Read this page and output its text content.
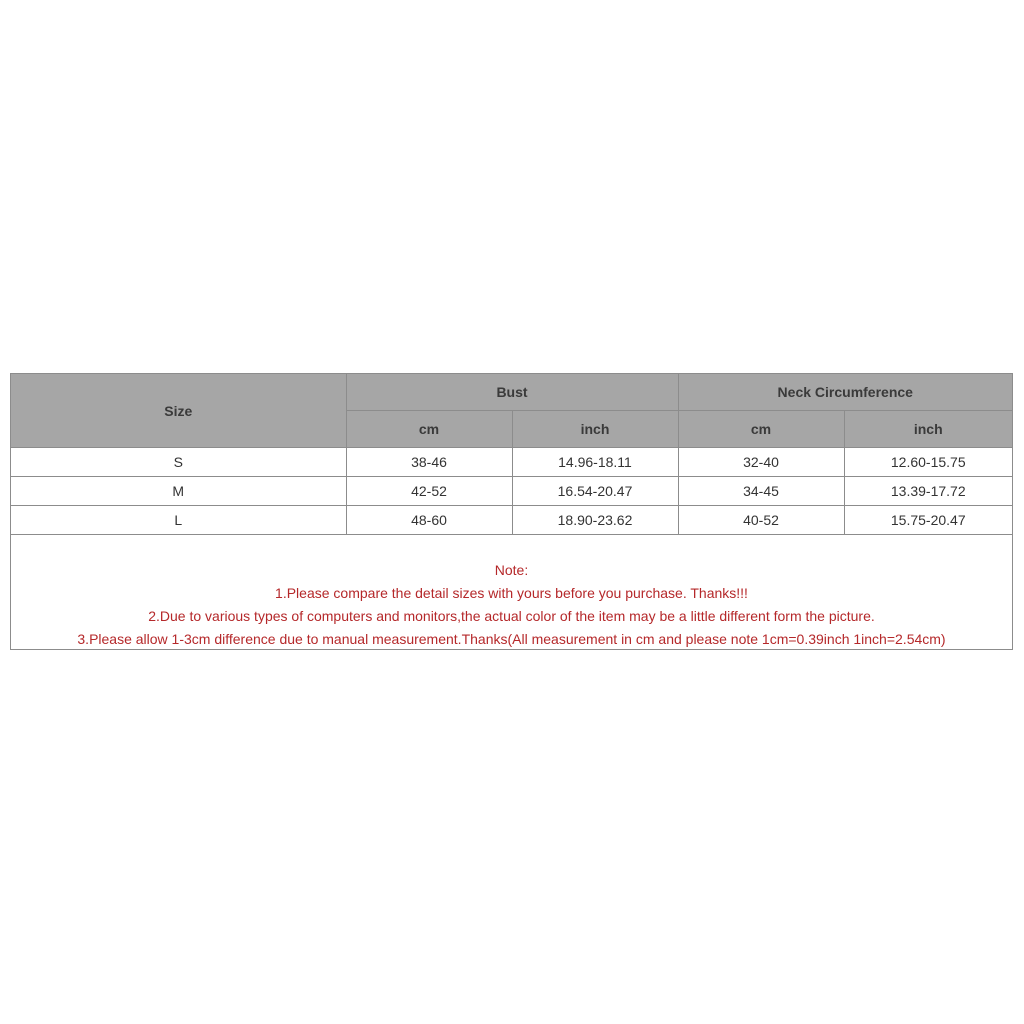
Size	Bust		Neck Circumference	
	cm	inch	cm	inch
S	38-46	14.96-18.11	32-40	12.60-15.75
M	42-52	16.54-20.47	34-45	13.39-17.72
L	48-60	18.90-23.62	40-52	15.75-20.47
Note:
1.Please compare the detail sizes with yours before you purchase. Thanks!!!
2.Due to various types of computers and monitors,the actual color of the item may be a little different form the picture.
3.Please allow 1-3cm difference due to manual measurement.Thanks(All measurement in cm and please note 1cm=0.39inch 1inch=2.54cm)
